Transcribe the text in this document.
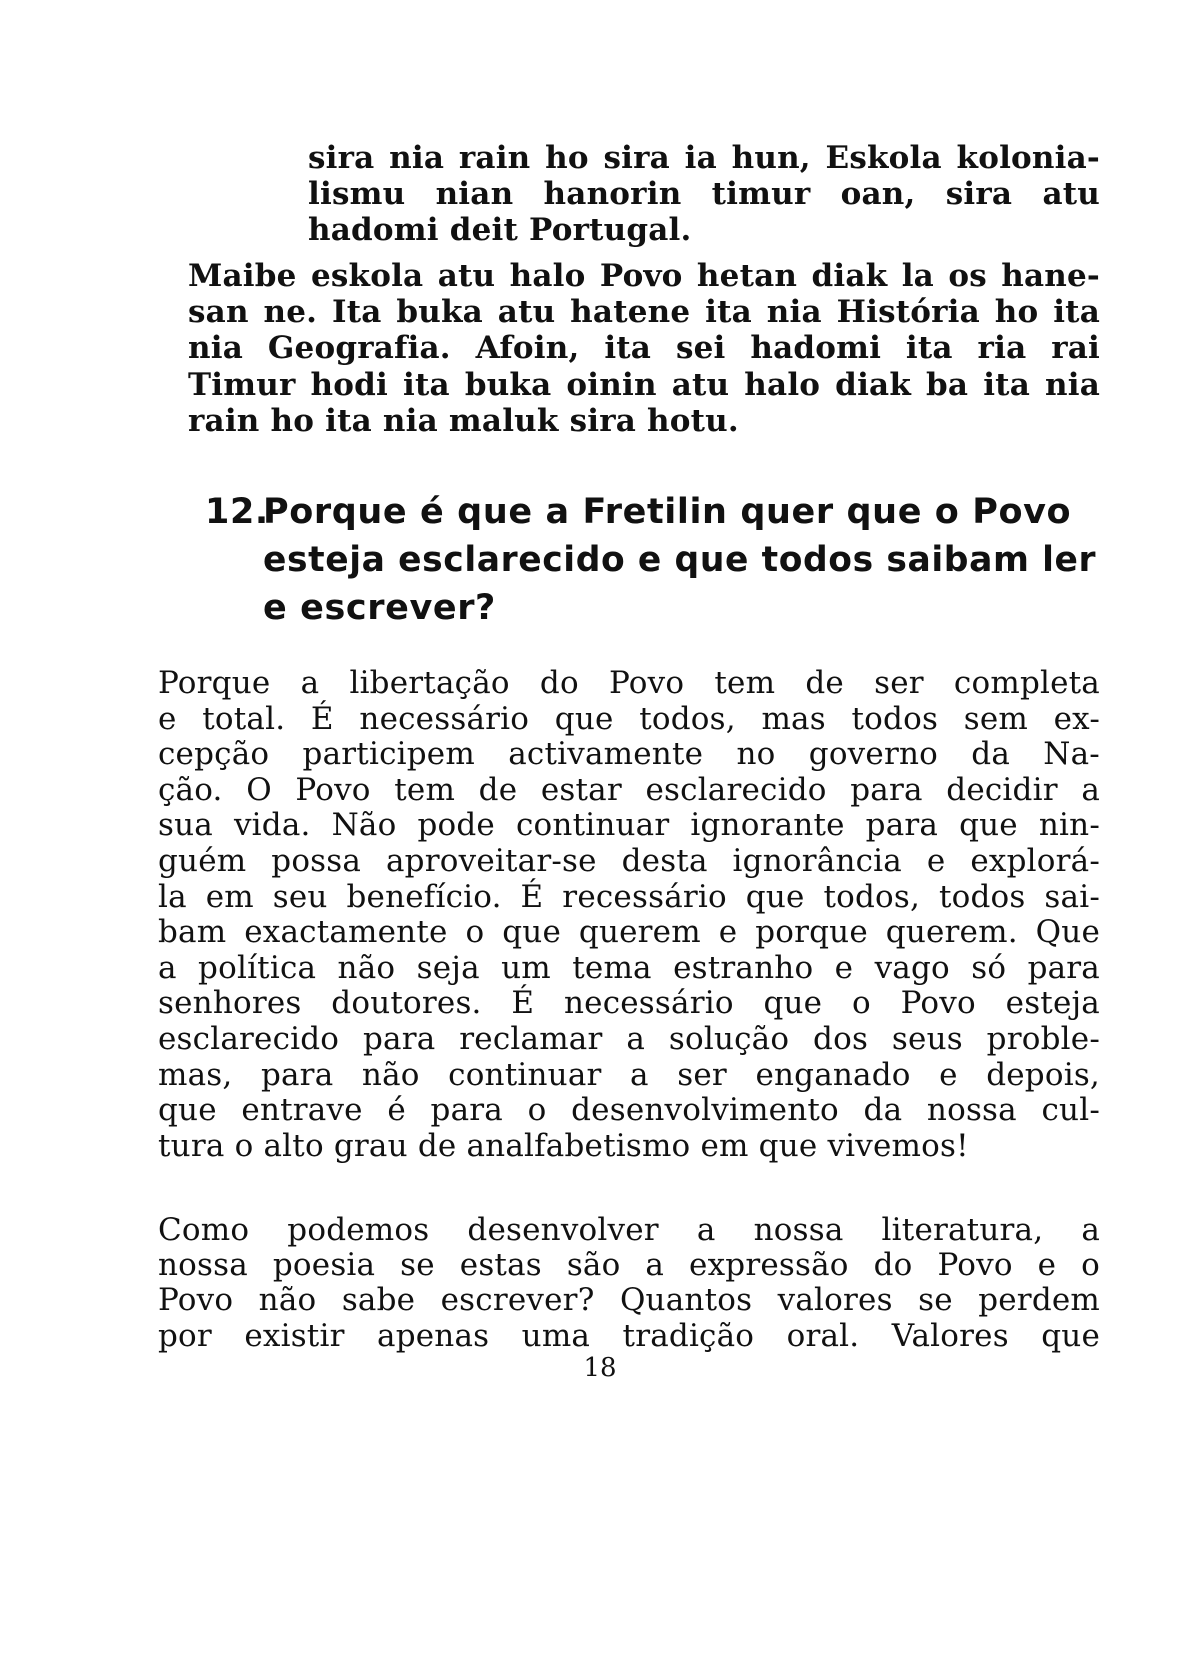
sira nia rain ho sira ia hun, Eskola kolonia-
lismu nian hanorin timur oan, sira atu
hadomi deit Portugal.

Maibe eskola atu halo Povo hetan diak la os hane-
san ne. Ita buka atu hatene ita nia História ho ita
nia Geografia. Afoin, ita sei hadomi ita ria rai
Timur hodi ita buka oinin atu halo diak ba ita nia
rain ho ita nia maluk sira hotu.

12.
Porque é que a Fretilin quer que o Povo
esteja esclarecido e que todos saibam ler
e escrever?

Porque a libertação do Povo tem de ser completa
e total. É necessário que todos, mas todos sem ex-
cepção participem activamente no governo da Na-
ção. O Povo tem de estar esclarecido para decidir a
sua vida. Não pode continuar ignorante para que nin-
guém possa aproveitar-se desta ignorância e explorá-
la em seu benefício. É recessário que todos, todos sai-
bam exactamente o que querem e porque querem. Que
a política não seja um tema estranho e vago só para
senhores doutores. É necessário que o Povo esteja
esclarecido para reclamar a solução dos seus proble-
mas, para não continuar a ser enganado e depois,
que entrave é para o desenvolvimento da nossa cul-
tura o alto grau de analfabetismo em que vivemos!

Como podemos desenvolver a nossa literatura, a
nossa poesia se estas são a expressão do Povo e o
Povo não sabe escrever? Quantos valores se perdem
por existir apenas uma tradição oral. Valores que

18
